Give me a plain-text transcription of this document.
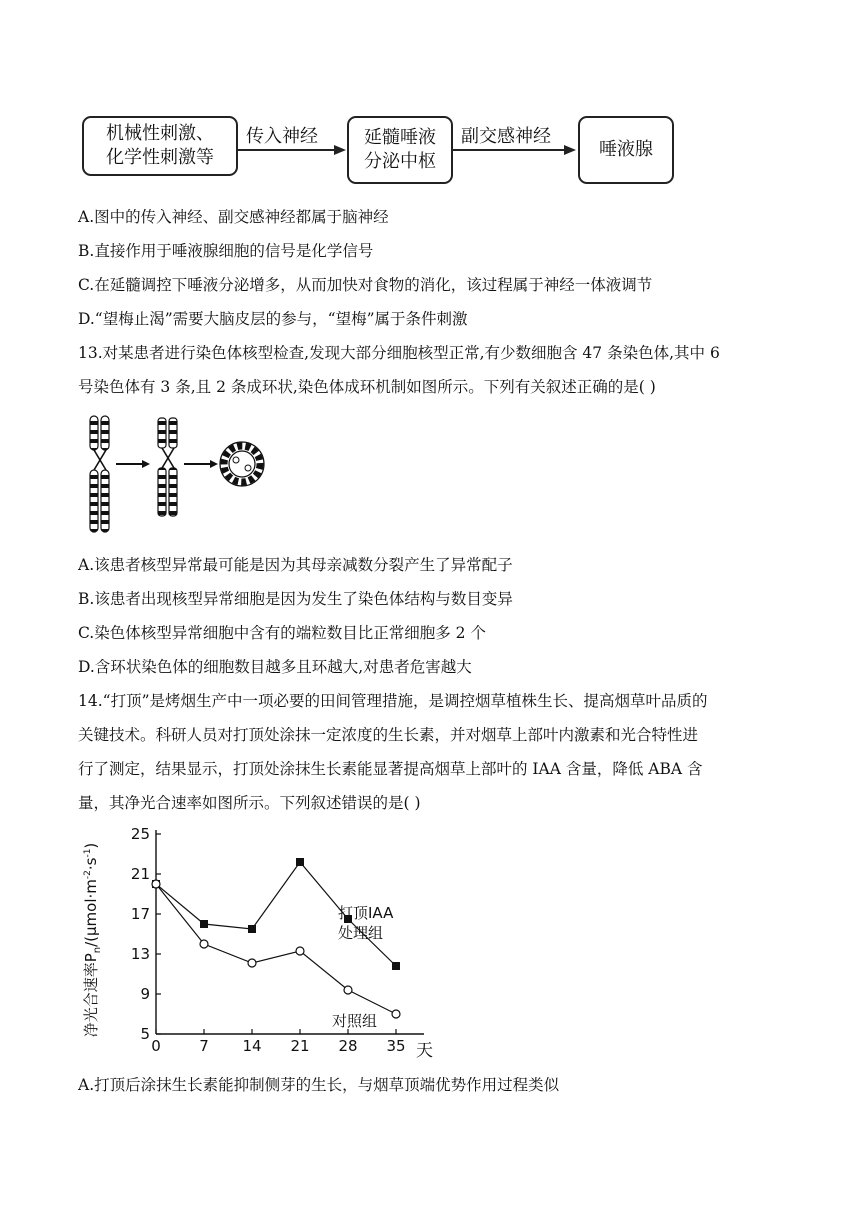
机械性刺激、
化学性刺激等
传入神经	延髓唾液
分泌中枢
副交感神经
唾液腺
A.图中的传入神经、副交感神经都属于脑神经
B.直接作用于唾液腺细胞的信号是化学信号
C.在延髓调控下唾液分泌增多，从而加快对食物的消化，该过程属于神经一体液调节
D.“望梅止渴”需要大脑皮层的参与，“望梅”属于条件刺激
13.对某患者进行染色体核型检查,发现大部分细胞核型正常,有少数细胞含 47 条染色体,其中 6
号染色体有 3 条,且 2 条成环状,染色体成环机制如图所示。下列有关叙述正确的是( )
A.该患者核型异常最可能是因为其母亲减数分裂产生了异常配子
B.该患者出现核型异常细胞是因为发生了染色体结构与数目变异
C.染色体核型异常细胞中含有的端粒数目比正常细胞多 2 个
D.含环状染色体的细胞数目越多且环越大,对患者危害越大
14.“打顶”是烤烟生产中一项必要的田间管理措施，是调控烟草植株生长、提高烟草叶品质的
关键技术。科研人员对打顶处涂抹一定浓度的生长素，并对烟草上部叶内激素和光合特性进
行了测定，结果显示，打顶处涂抹生长素能显著提高烟草上部叶的 IAA 含量，降低 ABA 含
量，其净光合速率如图所示。下列叙述错误的是( )
净光合速率$P_n/(\mu mol\cdot m^{-2}\cdot s^{-1})$
5
9
13
17
21
25
0	7 14 21 28 35 天
打顶IAA
处理组
对照组
A.打顶后涂抹生长素能抑制侧芽的生长，与烟草顶端优势作用过程类似
